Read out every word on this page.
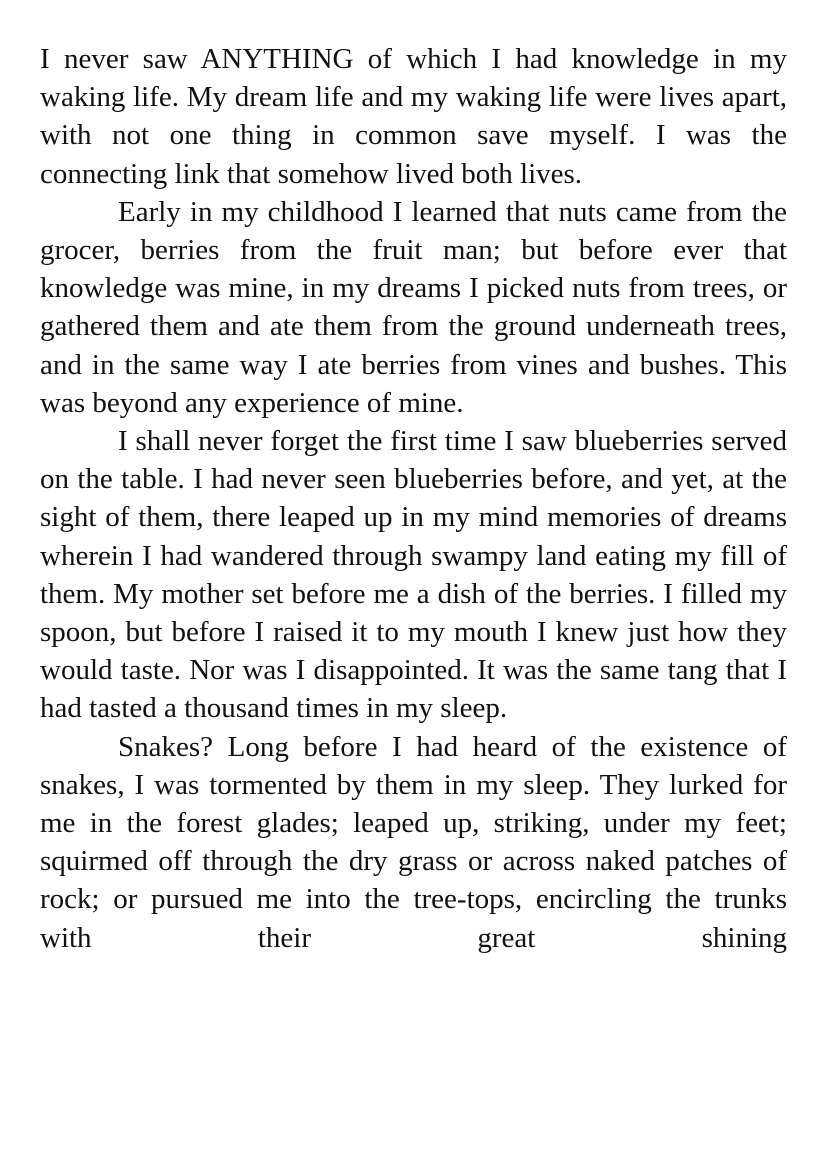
I never saw ANYTHING of which I had knowledge in my waking life. My dream life and my waking life were lives apart, with not one thing in common save myself. I was the connecting link that somehow lived both lives.

Early in my childhood I learned that nuts came from the grocer, berries from the fruit man; but before ever that knowledge was mine, in my dreams I picked nuts from trees, or gathered them and ate them from the ground underneath trees, and in the same way I ate berries from vines and bushes. This was beyond any experience of mine.

I shall never forget the first time I saw blueberries served on the table. I had never seen blueberries before, and yet, at the sight of them, there leaped up in my mind memories of dreams wherein I had wandered through swampy land eating my fill of them. My mother set before me a dish of the berries. I filled my spoon, but before I raised it to my mouth I knew just how they would taste. Nor was I disappointed. It was the same tang that I had tasted a thousand times in my sleep.

Snakes? Long before I had heard of the existence of snakes, I was tormented by them in my sleep. They lurked for me in the forest glades; leaped up, striking, under my feet; squirmed off through the dry grass or across naked patches of rock; or pursued me into the tree-tops, encircling the trunks with their great shining
